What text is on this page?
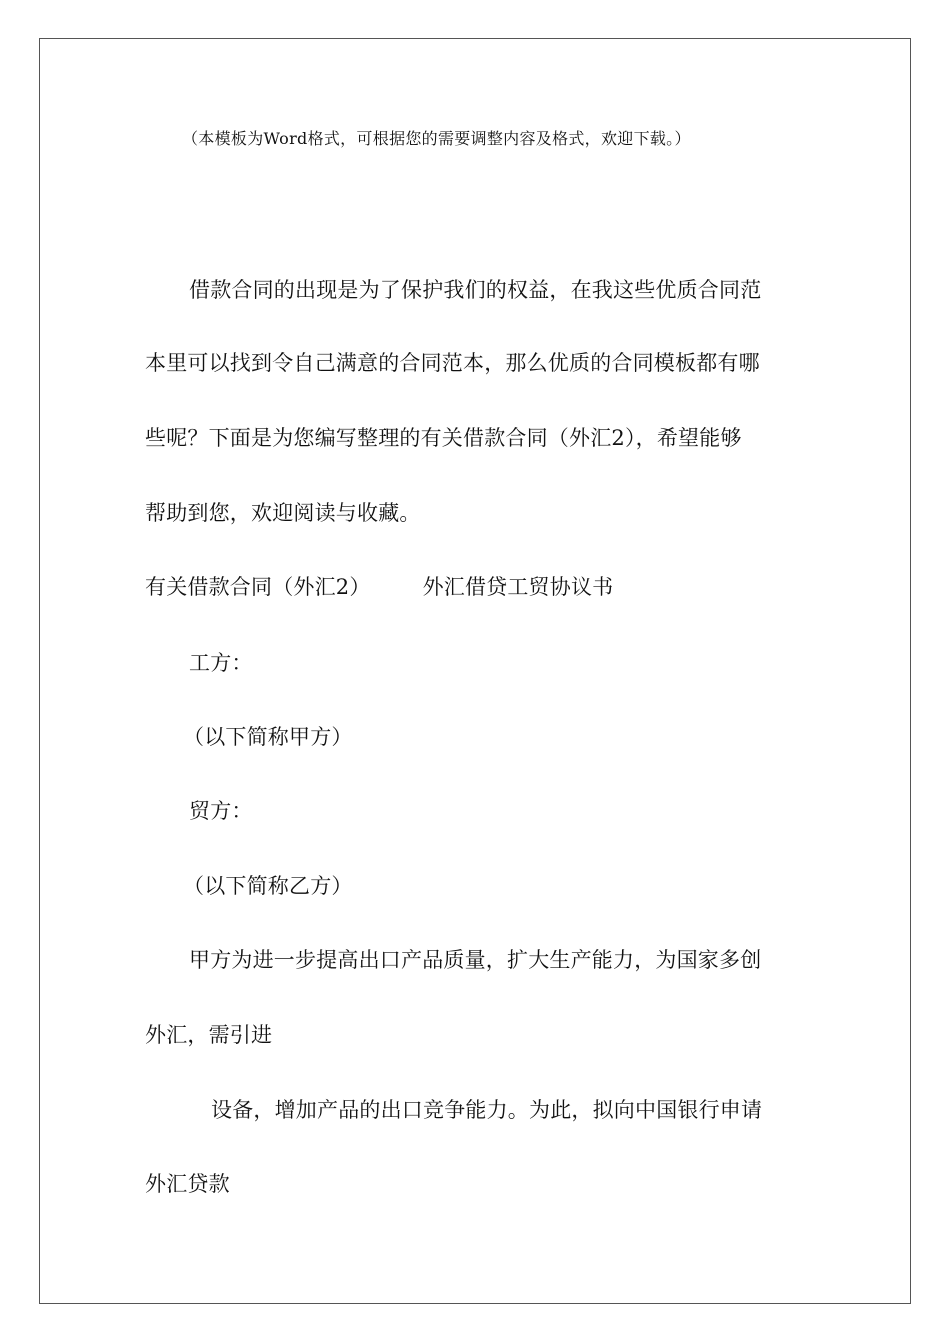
（本模板为Word格式，可根据您的需要调整内容及格式，欢迎下载。）
借款合同的出现是为了保护我们的权益，在我这些优质合同范
本里可以找到令自己满意的合同范本，那么优质的合同模板都有哪
些呢？下面是为您编写整理的有关借款合同（外汇2），希望能够
帮助到您，欢迎阅读与收藏。
有关借款合同（外汇2） 外汇借贷工贸协议书
工方：
（以下简称甲方）
贸方：
（以下简称乙方）
甲方为进一步提高出口产品质量，扩大生产能力，为国家多创
外汇，需引进
设备，增加产品的出口竞争能力。为此，拟向中国银行申请
外汇贷款
